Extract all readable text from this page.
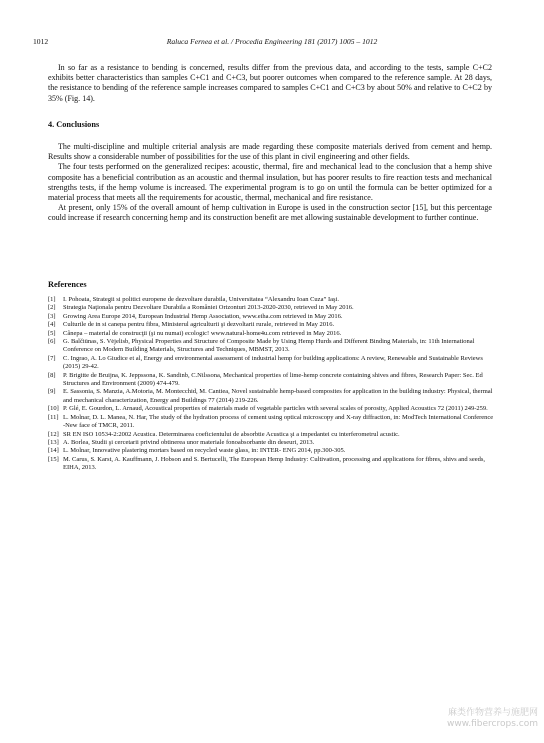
1012	Raluca Fernea et al. / Procedia Engineering 181 (2017) 1005 – 1012

In so far as a resistance to bending is concerned, results differ from the previous data, and according to the tests, sample C+C2 exhibits better characteristics than samples C+C1 and C+C3, but poorer outcomes when compared to the reference sample. At 28 days, the resistance to bending of the reference sample increases compared to samples C+C1 and C+C3 by about 50% and relative to C+C2 by 35% (Fig. 14).

4. Conclusions

The multi-discipline and multiple criterial analysis are made regarding these composite materials derived from cement and hemp. Results show a considerable number of possibilities for the use of this plant in civil engineering and other fields.

The four tests performed on the generalized recipes: acoustic, thermal, fire and mechanical lead to the conclusion that a hemp shive composite has a beneficial contribution as an acoustic and thermal insulation, but has poorer results to fire reaction tests and mechanical strengths tests, if the hemp volume is increased. The experimental program is to go on until the formula can be better optimized for a material process that meets all the requirements for acoustic, thermal, mechanical and fire resistance.

At present, only 15% of the overall amount of hemp cultivation in Europe is used in the construction sector [15], but this percentage could increase if research concerning hemp and its construction benefit are met allowing sustainable development to further continue.

References
[1]	I. Pohoata, Strategii si politici europene de dezvoltare durabila, Universitatea “Alexandru Ioan Cuza” Iaşi.
[2]	Strategia Naţionala pentru Dezvoltare Durabila a României Orizonturi 2013-2020-2030, retrieved in May 2016.
[3]	Growing Area Europe 2014, European Industrial Hemp Association, www.eiha.com retrieved in May 2016.
[4]	Culturile de in si canepa pentru fibra, Ministerul agriculturii şi dezvoltarii rurale, retrieved in May 2016.
[5]	Cânepa – material de construcţii (şi nu numai) ecologic! www.natural-home4u.com retrieved in May 2016.
[6]	G. Balčiūnas, S. Vėjelisb, Physical Properties and Structure of Composite Made by Using Hemp Hurds and Different Binding Materials, in: 11th International Conference on Modern Building Materials, Structures and Techniques, MBMST, 2013.
[7]	C. Ingrao, A. Lo Giudice et al, Energy and environmental assessment of industrial hemp for building applications: A review, Renewable and Sustainable Reviews (2015) 29-42.
[8]	P. Brigitte de Bruijna, K. Jeppssona, K. Sandinb, C.Nilssona, Mechanical properties of lime-hemp concrete containing shives and fibres, Research Paper: Sec. Ed Structures and Environment (2009) 474-479.
[9]	E. Sassonia, S. Manzia, A.Motoria, M. Montecchid, M. Cantiea, Novel sustainable hemp-based composites for application in the building industry: Physical, thermal and mechanical characterization, Energy and Buildings 77 (2014) 219-226.
[10] P. Glé, E. Gourdon, L. Arnaud, Acoustical properties of materials made of vegetable particles with several scales of porosity, Applied Acoustics 72 (2011) 249-259.
[11] L. Molnar, D. L. Manea, N. Har, The study of the hydration process of cement using optical microscopy and X-ray diffraction, in: ModTech International Conference -New face of TMCR, 2011.
[12] SR EN ISO 10534-2:2002 Acustica. Determinarea coeficientului de absorbtie Acustica şi a impedantei cu interferometrul acustic.
[13] A. Borlea, Studii şi cercetarii privind obtinerea unor materiale fonoabsorbante din deseuri, 2013.
[14] L. Molnar, Innovative plastering mortars based on recycled waste glass, in: INTER- ENG 2014, pp.300-305.
[15] M. Carus, S. Karst, A. Kauffmann, J. Hobson and S. Bertucelli, The European Hemp Industry: Cultivation, processing and applications for fibres, shivs and seeds, EIHA, 2013.
麻类作物营养与施肥网
www.fibercrops.com
